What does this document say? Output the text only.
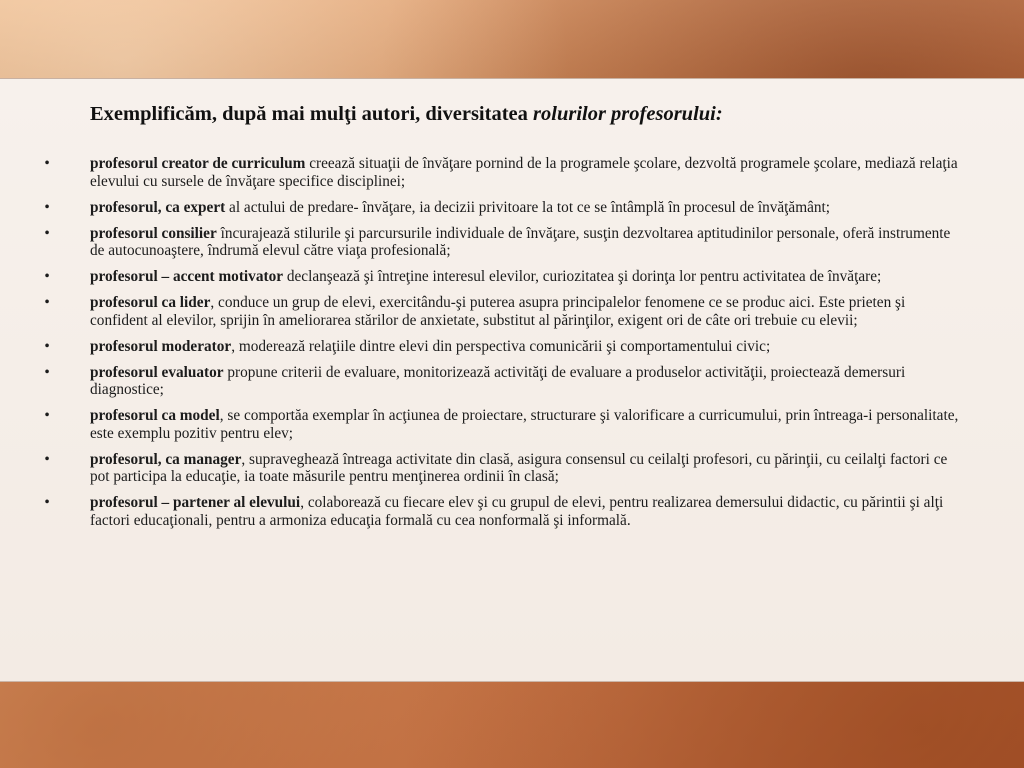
Exemplificăm, după mai mulţi autori, diversitatea rolurilor profesorului:
•	profesorul creator de curriculum creează situaţii de învăţare pornind de la programele şcolare, dezvoltă programele şcolare, mediază relaţia elevului cu sursele de învăţare specifice disciplinei;
•	profesorul, ca expert al actului de predare- învăţare, ia decizii privitoare la tot ce se întâmplă în procesul de învăţământ;
•	profesorul consilier încurajează stilurile şi parcursurile individuale de învăţare, susţin dezvoltarea aptitudinilor personale, oferă instrumente de autocunoaştere, îndrumă elevul către viaţa profesională;
•	profesorul – accent motivator declanşează şi întreţine interesul elevilor, curiozitatea şi dorinţa lor pentru activitatea de învăţare;
•	profesorul ca lider, conduce un grup de elevi, exercitându-şi puterea asupra principalelor fenomene ce se produc aici. Este prieten şi confident al elevilor, sprijin în ameliorarea stărilor de anxietate, substitut al părinţilor, exigent ori de câte ori trebuie cu elevii;
•	profesorul moderator, moderează relaţiile dintre elevi din perspectiva comunicării şi comportamentului civic;
•	profesorul evaluator propune criterii de evaluare, monitorizează activităţi de evaluare a produselor activităţii, proiectează demersuri diagnostice;
•	profesorul ca model, se comportăa exemplar în acţiunea de proiectare, structurare şi valorificare a curricumului, prin întreaga-i personalitate, este exemplu pozitiv pentru elev;
•	profesorul, ca manager, supraveghează întreaga activitate din clasă, asigura consensul cu ceilalţi profesori, cu părinţii, cu ceilalţi factori ce pot participa la educaţie, ia toate măsurile pentru menţinerea ordinii în clasă;
•	profesorul – partener al elevului, colaborează cu fiecare elev şi cu grupul de elevi, pentru realizarea demersului didactic, cu părintii şi alţi factori educaţionali, pentru a armoniza educaţia formală cu cea nonformală şi informală.
